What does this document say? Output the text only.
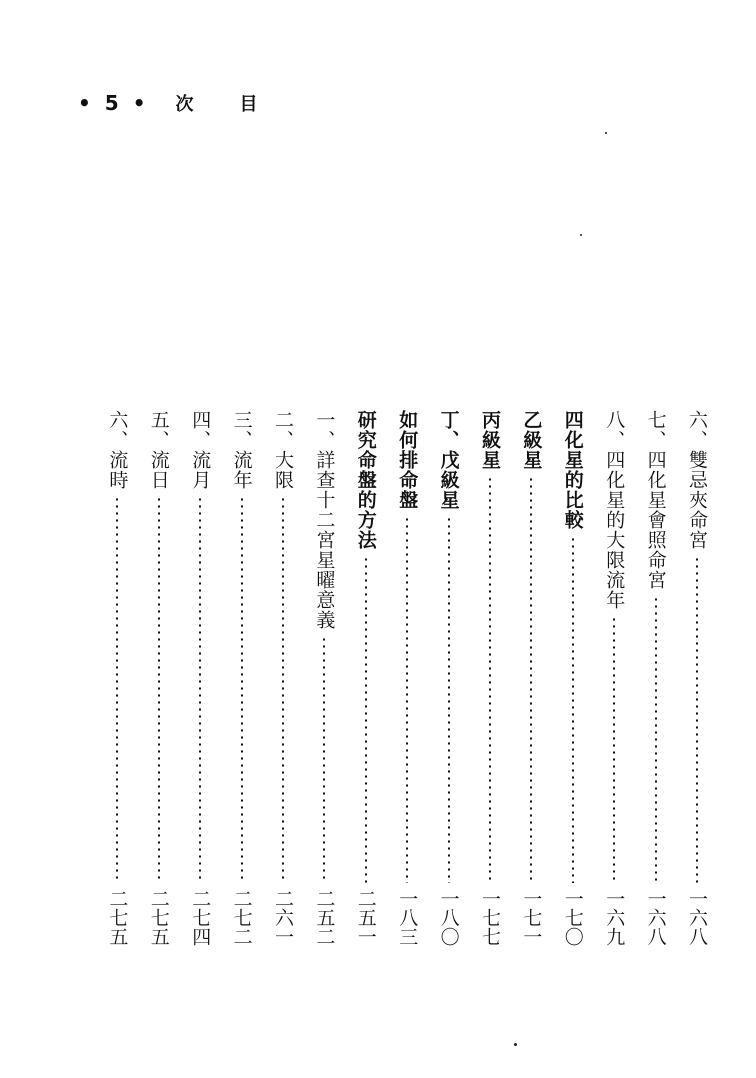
• 5 • 次	目
六、雙忌夾命宮
一六八
七、四化星會照命宮
一六八
八、四化星的大限流年
一六九
四化星的比較
一七〇
乙級星
一七一
丙級星
一七七
丁、戊級星
一八〇
如何排命盤
一八三
研究命盤的方法
二五一
一、詳查十二宮星曜意義
二五二
二、大限
二六一
三、流年
二七二
四、流月
二七四
五、流日
二七五
六、流時
二七五
